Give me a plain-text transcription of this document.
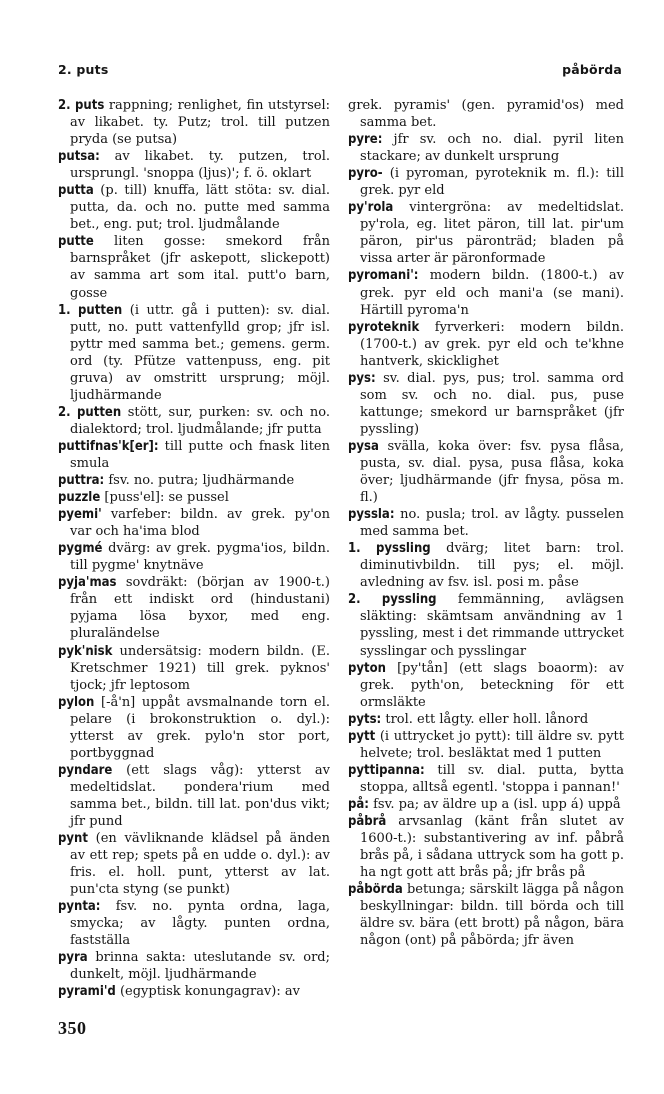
2. puts	påbörda

2. puts rappning; renlighet, fin utstyrsel: av likabet. ty. Putz; trol. till putzen pryda (se putsa)

putsa: av likabet. ty. putzen, trol. ursprungl. 'snoppa (ljus)'; f. ö. oklart

putta (p. till) knuffa, lätt stöta: sv. dial. putta, da. och no. putte med samma bet., eng. put; trol. ljudmålande

putte liten gosse: smekord från barnspråket (jfr askepott, slickepott) av samma art som ital. putt'o barn, gosse

1. putten (i uttr. gå i putten): sv. dial. putt, no. putt vattenfylld grop; jfr isl. pyttr med samma bet.; gemens. germ. ord (ty. Pfütze vattenpuss, eng. pit gruva) av omstritt ursprung; möjl. ljudhärmande

2. putten stött, sur, purken: sv. och no. dialektord; trol. ljudmålande; jfr putta

puttifnas'k[er]: till putte och fnask liten smula

puttra: fsv. no. putra; ljudhärmande

puzzle [puss'el]: se pussel

pyemi' varfeber: bildn. av grek. py'on var och ha'ima blod

pygmé dvärg: av grek. pygma'ios, bildn. till pygme' knytnäve

pyja'mas sovdräkt: (början av 1900-t.) från ett indiskt ord (hindustani) pyjama lösa byxor, med eng. pluraländelse

pyk'nisk undersätsig: modern bildn. (E. Kretschmer 1921) till grek. pyknos' tjock; jfr leptosom

pylon [-å'n] uppåt avsmalnande torn el. pelare (i brokonstruktion o. dyl.): ytterst av grek. pylo'n stor port, portbyggnad

pyndare (ett slags våg): ytterst av medeltidslat. pondera'rium med samma bet., bildn. till lat. pon'dus vikt; jfr pund

pynt (en vävliknande klädsel på änden av ett rep; spets på en udde o. dyl.): av fris. el. holl. punt, ytterst av lat. pun'cta styng (se punkt)

pynta: fsv. no. pynta ordna, laga, smycka; av lågty. punten ordna, fastställa

pyra brinna sakta: uteslutande sv. ord; dunkelt, möjl. ljudhärmande

pyrami'd (egyptisk konungagrav): av

grek. pyramis' (gen. pyramid'os) med samma bet.

pyre: jfr sv. och no. dial. pyril liten stackare; av dunkelt ursprung

pyro- (i pyroman, pyroteknik m. fl.): till grek. pyr eld

py'rola vintergröna: av medeltidslat. py'rola, eg. litet päron, till lat. pir'um päron, pir'us päronträd; bladen på vissa arter är päronformade

pyromani': modern bildn. (1800-t.) av grek. pyr eld och mani'a (se mani). Härtill pyroma'n

pyroteknik fyrverkeri: modern bildn. (1700-t.) av grek. pyr eld och te'khne hantverk, skicklighet

pys: sv. dial. pys, pus; trol. samma ord som sv. och no. dial. pus, puse kattunge; smekord ur barnspråket (jfr pyssling)

pysa svälla, koka över: fsv. pysa flåsa, pusta, sv. dial. pysa, pusa flåsa, koka över; ljudhärmande (jfr fnysa, pösa m. fl.)

pyssla: no. pusla; trol. av lågty. pusselen med samma bet.

1. pyssling dvärg; litet barn: trol. diminutivbildn. till pys; el. möjl. avledning av fsv. isl. posi m. påse

2. pyssling femmänning, avlägsen släkting: skämtsam användning av 1 pyssling, mest i det rimmande uttrycket sysslingar och pysslingar

pyton [py'tån] (ett slags boaorm): av grek. pyth'on, beteckning för ett ormsläkte

pyts: trol. ett lågty. eller holl. lånord

pytt (i uttrycket jo pytt): till äldre sv. pytt helvete; trol. besläktat med 1 putten

pyttipanna: till sv. dial. putta, bytta stoppa, alltså egentl. 'stoppa i pannan!'

på: fsv. pa; av äldre up a (isl. upp á) uppå

påbrå arvsanlag (känt från slutet av 1600-t.): substantivering av inf. påbrå brås på, i sådana uttryck som ha gott p. ha ngt gott att brås på; jfr brås på

påbörda betunga; särskilt lägga på någon beskyllningar: bildn. till börda och till äldre sv. bära (ett brott) på någon, bära någon (ont) på påbörda; jfr även

350
